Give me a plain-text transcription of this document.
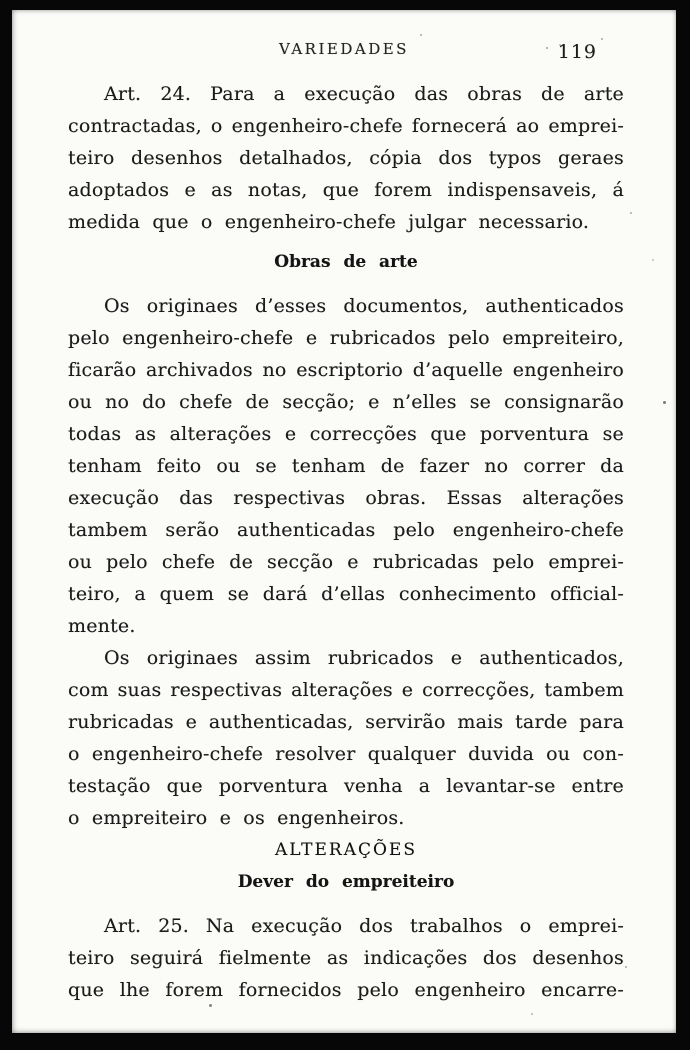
VARIEDADES	119
Art. 24. Para a execução das obras de arte
contractadas, o engenheiro-chefe fornecerá ao emprei-
teiro desenhos detalhados, cópia dos typos geraes
adoptados e as notas, que forem indispensaveis, á
medida que o engenheiro-chefe julgar necessario.
Obras de arte
Os originaes d’esses documentos, authenticados
pelo engenheiro-chefe e rubricados pelo empreiteiro,
ficarão archivados no escriptorio d’aquelle engenheiro
ou no do chefe de secção; e n’elles se consignarão
todas as alterações e correcções que porventura se
tenham feito ou se tenham de fazer no correr da
execução das respectivas obras. Essas alterações
tambem serão authenticadas pelo engenheiro-chefe
ou pelo chefe de secção e rubricadas pelo emprei-
teiro, a quem se dará d’ellas conhecimento official-
mente.
Os originaes assim rubricados e authenticados,
com suas respectivas alterações e correcções, tambem
rubricadas e authenticadas, servirão mais tarde para
o engenheiro-chefe resolver qualquer duvida ou con-
testação que porventura venha a levantar-se entre
o empreiteiro e os engenheiros.
ALTERAÇÕES
Dever do empreiteiro
Art. 25. Na execução dos trabalhos o emprei-
teiro seguirá fielmente as indicações dos desenhos
que lhe forem fornecidos pelo engenheiro encarre-
